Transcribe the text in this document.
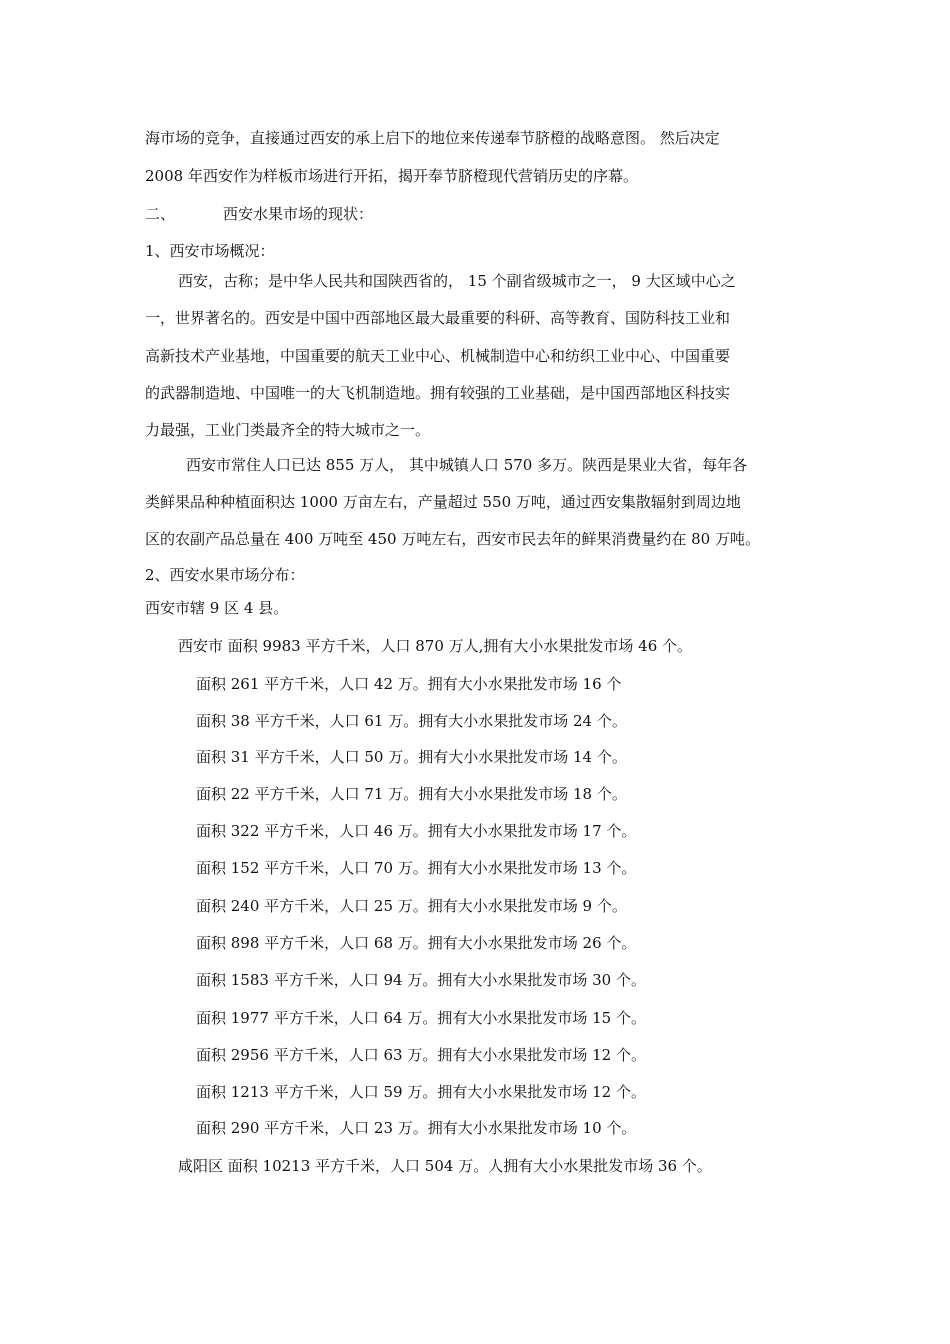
海市场的竞争，直接通过西安的承上启下的地位来传递奉节脐橙的战略意图。 然后决定
2008 年西安作为样板市场进行开拓，揭开奉节脐橙现代营销历史的序幕。
二、	西安水果市场的现状：
1、西安市场概况：
西安，古称；是中华人民共和国陕西省的， 15 个副省级城市之一， 9 大区域中心之
一，世界著名的。西安是中国中西部地区最大最重要的科研、高等教育、国防科技工业和
高新技术产业基地，中国重要的航天工业中心、机械制造中心和纺织工业中心、中国重要
的武器制造地、中国唯一的大飞机制造地。拥有较强的工业基础，是中国西部地区科技实
力最强，工业门类最齐全的特大城市之一。
西安市常住人口已达 855 万人， 其中城镇人口 570 多万。陕西是果业大省，每年各
类鲜果品种种植面积达 1000 万亩左右，产量超过 550 万吨，通过西安集散辐射到周边地
区的农副产品总量在 400 万吨至 450 万吨左右，西安市民去年的鲜果消费量约在 80 万吨。
2、西安水果市场分布：
西安市辖 9 区 4 县。
西安市 面积 9983 平方千米，人口 870 万人,拥有大小水果批发市场 46 个。
面积 261 平方千米，人口 42 万。拥有大小水果批发市场 16 个
面积 38 平方千米，人口 61 万。拥有大小水果批发市场 24 个。
面积 31 平方千米，人口 50 万。拥有大小水果批发市场 14 个。
面积 22 平方千米，人口 71 万。拥有大小水果批发市场 18 个。
面积 322 平方千米，人口 46 万。拥有大小水果批发市场 17 个。
面积 152 平方千米，人口 70 万。拥有大小水果批发市场 13 个。
面积 240 平方千米，人口 25 万。拥有大小水果批发市场 9 个。
面积 898 平方千米，人口 68 万。拥有大小水果批发市场 26 个。
面积 1583 平方千米，人口 94 万。拥有大小水果批发市场 30 个。
面积 1977 平方千米，人口 64 万。拥有大小水果批发市场 15 个。
面积 2956 平方千米，人口 63 万。拥有大小水果批发市场 12 个。
面积 1213 平方千米，人口 59 万。拥有大小水果批发市场 12 个。
面积 290 平方千米，人口 23 万。拥有大小水果批发市场 10 个。
咸阳区 面积 10213 平方千米，人口 504 万。人拥有大小水果批发市场 36 个。
